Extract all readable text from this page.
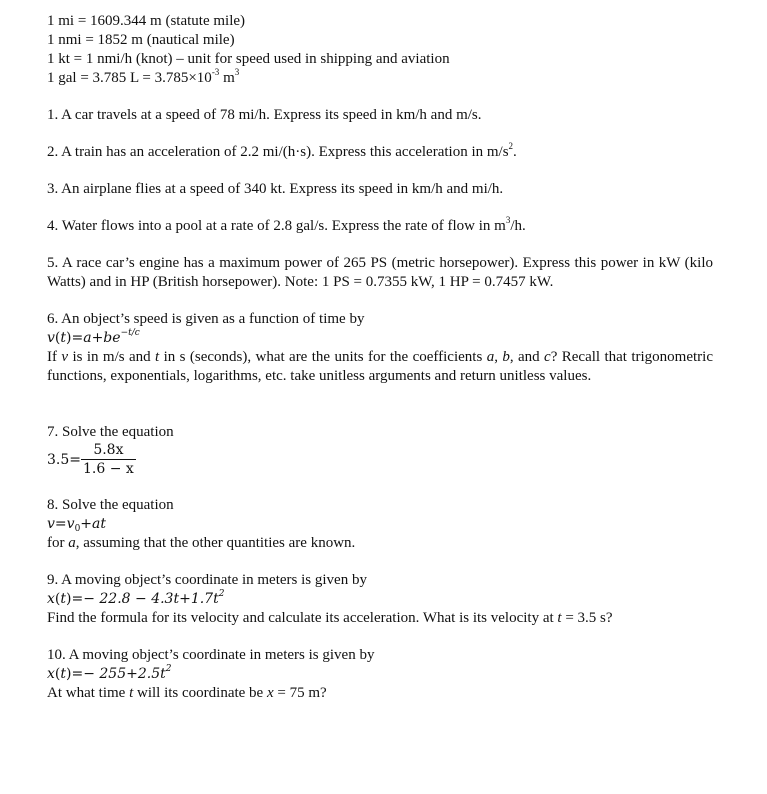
1 mi = 1609.344 m (statute mile)
1 nmi = 1852 m (nautical mile)
1 kt = 1 nmi/h (knot) – unit for speed used in shipping and aviation
1 gal = 3.785 $L = 3.785\times 10^{-3}$ $m^3$
1. A car travels at a speed of 78 mi/h. Express its speed in km/h and m/s.
2. A train has an acceleration of 2.2 mi/(h·s). Express this acceleration in $m/s^2$.
3. An airplane flies at a speed of 340 kt. Express its speed in km/h and mi/h.
4. Water flows into a pool at a rate of 2.8 gal/s. Express the rate of flow in $m^3/h$.
5. A race car’s engine has a maximum power of 265 PS (metric horsepower). Express this power in kW (kilo Watts) and in HP (British horsepower). Note: 1 PS = 0.7355 kW, 1 HP = 0.7457 kW.
6. An object’s speed is given as a function of time by
$v(t)=a+be^{-t/c}$
If v is in m/s and t in s (seconds), what are the units for the coefficients a, b, and c? Recall that trigonometric functions, exponentials, logarithms, etc. take unitless arguments and return unitless values.
7. Solve the equation
$3.5= \frac{5.8x}{1.6 - x}$
8. Solve the equation
$v=v_0+at$
for a, assuming that the other quantities are known.
9. A moving object’s coordinate in meters is given by
$x(t)=- 22.8 - 4.3t+1.7t^2$
Find the formula for its velocity and calculate its acceleration. What is its velocity at t = 3.5 s?
10. A moving object’s coordinate in meters is given by
$x(t)=- 255+2.5t^2$
At what time t will its coordinate be x = 75 m?
